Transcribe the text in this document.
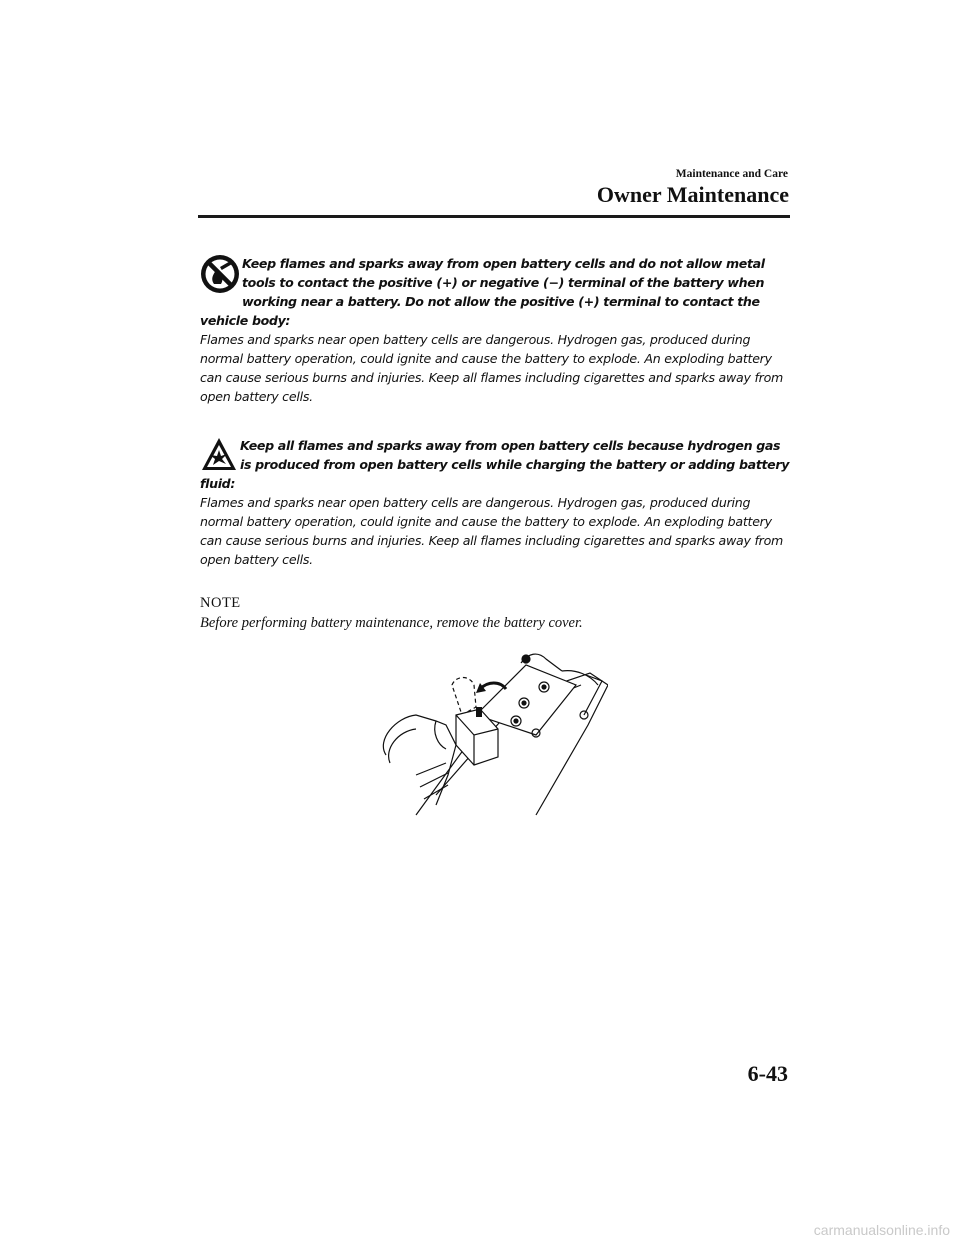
Maintenance and Care
Owner Maintenance

Keep flames and sparks away from open battery cells and do not allow metal tools to contact the positive (+) or negative (−) terminal of the battery when working near a battery. Do not allow the positive (+) terminal to contact the vehicle body:

Flames and sparks near open battery cells are dangerous. Hydrogen gas, produced during normal battery operation, could ignite and cause the battery to explode. An exploding battery can cause serious burns and injuries. Keep all flames including cigarettes and sparks away from open battery cells.

Keep all flames and sparks away from open battery cells because hydrogen gas is produced from open battery cells while charging the battery or adding battery fluid:

Flames and sparks near open battery cells are dangerous. Hydrogen gas, produced during normal battery operation, could ignite and cause the battery to explode. An exploding battery can cause serious burns and injuries. Keep all flames including cigarettes and sparks away from open battery cells.

NOTE
Before performing battery maintenance, remove the battery cover.
6-43
carmanualsonline.info
